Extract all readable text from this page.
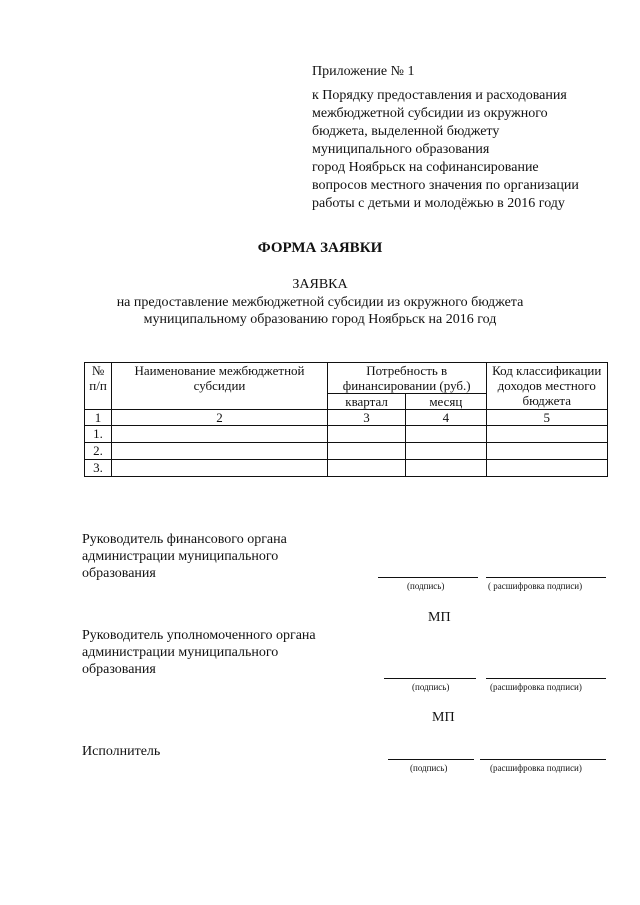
Приложение № 1
к Порядку предоставления и расходования
межбюджетной субсидии из окружного
бюджета, выделенной бюджету
муниципального образования
город Ноябрьск на софинансирование
вопросов местного значения по организации
работы с детьми и молодёжью в 2016 году
ФОРМА ЗАЯВКИ
ЗАЯВКА
на предоставление межбюджетной субсидии из окружного бюджета
муниципальному образованию город Ноябрьск на 2016 год
№ п/п	Наименование межбюджетной субсидии	Потребность в финансировании (руб.)		Код классификации доходов местного бюджета
		квартал	месяц	
1	2	3	4	5
1.				
2.				
3.				
Руководитель финансового органа
администрации муниципального
образования
(подпись)	( расшифровка подписи)
МП
Руководитель уполномоченного органа
администрации муниципального
образования
(подпись)	(расшифровка подписи)
МП
Исполнитель
(подпись)	(расшифровка подписи)
